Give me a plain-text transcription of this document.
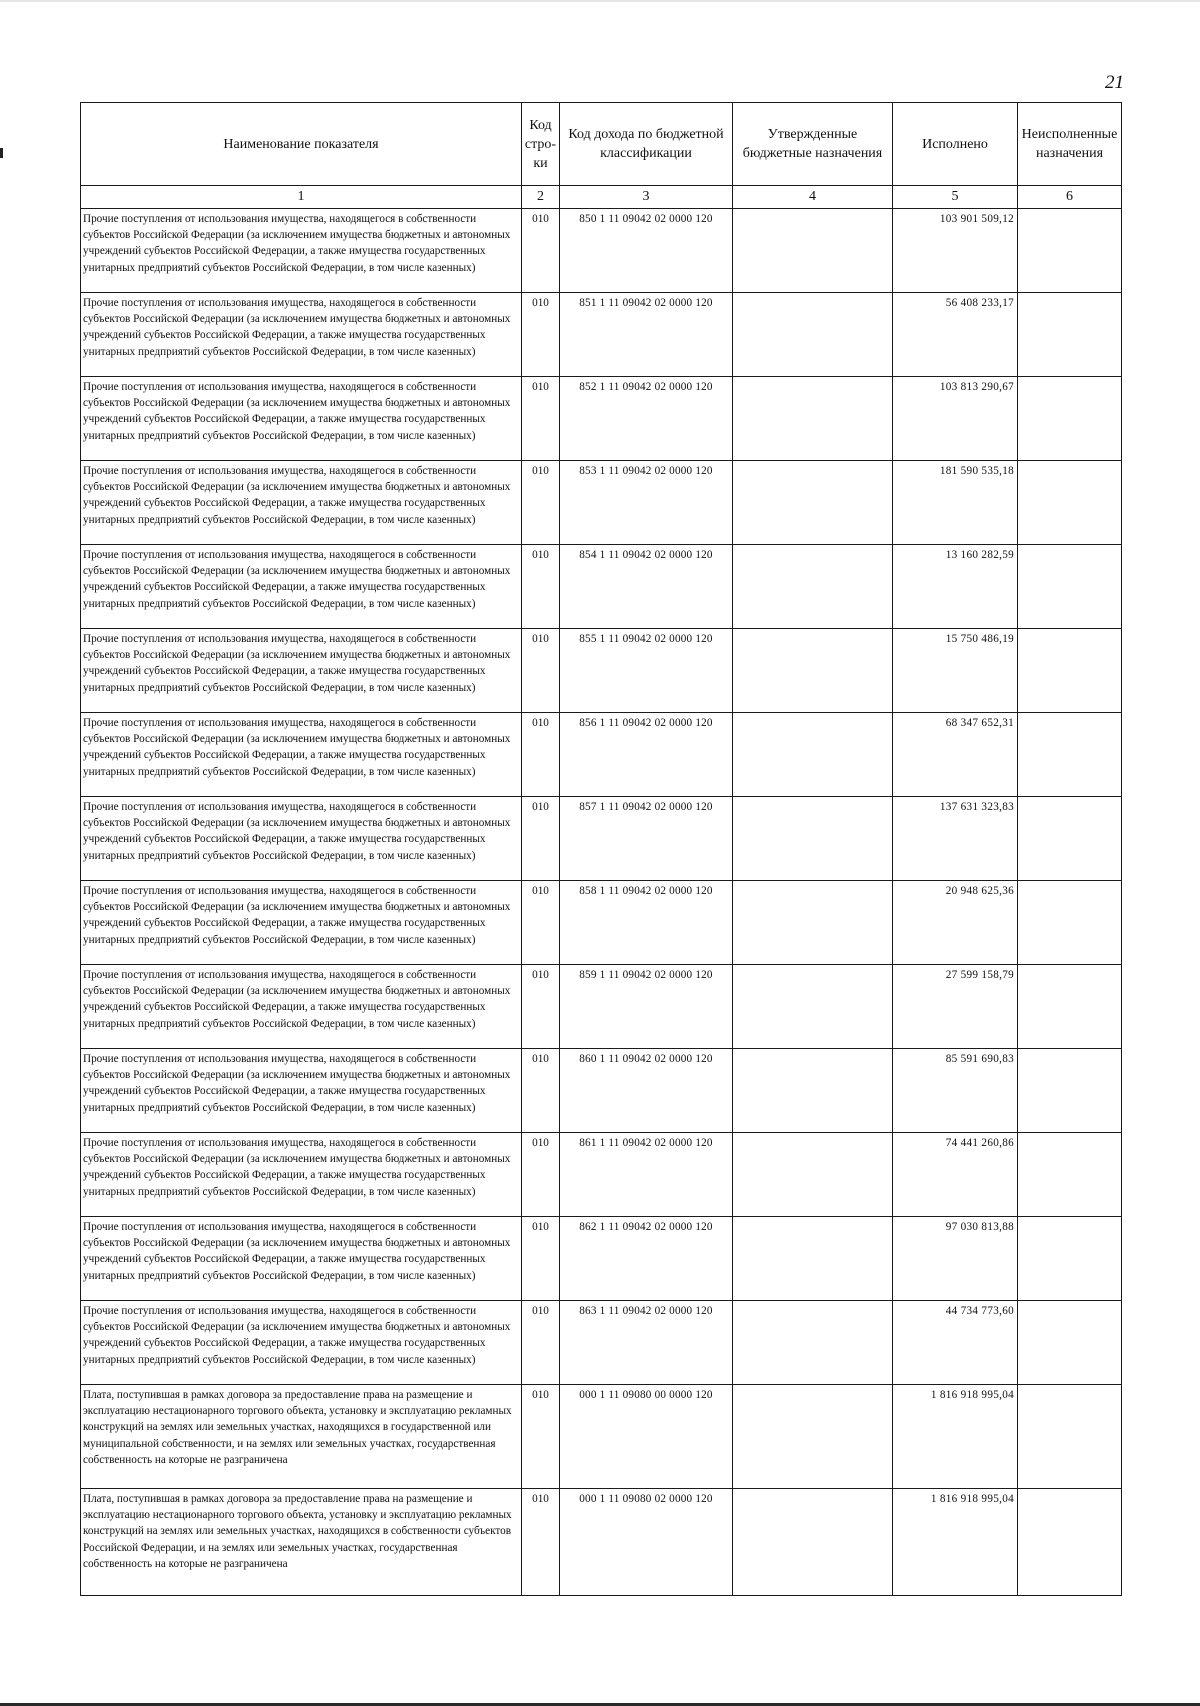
21
Наименование показателя	Код стро-ки	Код дохода по бюджетной классификации	Утвержденные бюджетные назначения	Исполнено	Неисполненные назначения
1	2	3	4	5	6
Прочие поступления от использования имущества, находящегося в собственности субъектов Российской Федерации (за исключением имущества бюджетных и автономных учреждений субъектов Российской Федерации, а также имущества государственных унитарных предприятий субъектов Российской Федерации, в том числе казенных)	010	850 1 11 09042 02 0000 120		103 901 509,12	
Прочие поступления от использования имущества, находящегося в собственности субъектов Российской Федерации (за исключением имущества бюджетных и автономных учреждений субъектов Российской Федерации, а также имущества государственных унитарных предприятий субъектов Российской Федерации, в том числе казенных)	010	851 1 11 09042 02 0000 120		56 408 233,17	
Прочие поступления от использования имущества, находящегося в собственности субъектов Российской Федерации (за исключением имущества бюджетных и автономных учреждений субъектов Российской Федерации, а также имущества государственных унитарных предприятий субъектов Российской Федерации, в том числе казенных)	010	852 1 11 09042 02 0000 120		103 813 290,67	
Прочие поступления от использования имущества, находящегося в собственности субъектов Российской Федерации (за исключением имущества бюджетных и автономных учреждений субъектов Российской Федерации, а также имущества государственных унитарных предприятий субъектов Российской Федерации, в том числе казенных)	010	853 1 11 09042 02 0000 120		181 590 535,18	
Прочие поступления от использования имущества, находящегося в собственности субъектов Российской Федерации (за исключением имущества бюджетных и автономных учреждений субъектов Российской Федерации, а также имущества государственных унитарных предприятий субъектов Российской Федерации, в том числе казенных)	010	854 1 11 09042 02 0000 120		13 160 282,59	
Прочие поступления от использования имущества, находящегося в собственности субъектов Российской Федерации (за исключением имущества бюджетных и автономных учреждений субъектов Российской Федерации, а также имущества государственных унитарных предприятий субъектов Российской Федерации, в том числе казенных)	010	855 1 11 09042 02 0000 120		15 750 486,19	
Прочие поступления от использования имущества, находящегося в собственности субъектов Российской Федерации (за исключением имущества бюджетных и автономных учреждений субъектов Российской Федерации, а также имущества государственных унитарных предприятий субъектов Российской Федерации, в том числе казенных)	010	856 1 11 09042 02 0000 120		68 347 652,31	
Прочие поступления от использования имущества, находящегося в собственности субъектов Российской Федерации (за исключением имущества бюджетных и автономных учреждений субъектов Российской Федерации, а также имущества государственных унитарных предприятий субъектов Российской Федерации, в том числе казенных)	010	857 1 11 09042 02 0000 120		137 631 323,83	
Прочие поступления от использования имущества, находящегося в собственности субъектов Российской Федерации (за исключением имущества бюджетных и автономных учреждений субъектов Российской Федерации, а также имущества государственных унитарных предприятий субъектов Российской Федерации, в том числе казенных)	010	858 1 11 09042 02 0000 120		20 948 625,36	
Прочие поступления от использования имущества, находящегося в собственности субъектов Российской Федерации (за исключением имущества бюджетных и автономных учреждений субъектов Российской Федерации, а также имущества государственных унитарных предприятий субъектов Российской Федерации, в том числе казенных)	010	859 1 11 09042 02 0000 120		27 599 158,79	
Прочие поступления от использования имущества, находящегося в собственности субъектов Российской Федерации (за исключением имущества бюджетных и автономных учреждений субъектов Российской Федерации, а также имущества государственных унитарных предприятий субъектов Российской Федерации, в том числе казенных)	010	860 1 11 09042 02 0000 120		85 591 690,83	
Прочие поступления от использования имущества, находящегося в собственности субъектов Российской Федерации (за исключением имущества бюджетных и автономных учреждений субъектов Российской Федерации, а также имущества государственных унитарных предприятий субъектов Российской Федерации, в том числе казенных)	010	861 1 11 09042 02 0000 120		74 441 260,86	
Прочие поступления от использования имущества, находящегося в собственности субъектов Российской Федерации (за исключением имущества бюджетных и автономных учреждений субъектов Российской Федерации, а также имущества государственных унитарных предприятий субъектов Российской Федерации, в том числе казенных)	010	862 1 11 09042 02 0000 120		97 030 813,88	
Прочие поступления от использования имущества, находящегося в собственности субъектов Российской Федерации (за исключением имущества бюджетных и автономных учреждений субъектов Российской Федерации, а также имущества государственных унитарных предприятий субъектов Российской Федерации, в том числе казенных)	010	863 1 11 09042 02 0000 120		44 734 773,60	
Плата, поступившая в рамках договора за предоставление права на размещение и эксплуатацию нестационарного торгового объекта, установку и эксплуатацию рекламных конструкций на землях или земельных участках, находящихся в государственной или муниципальной собственности, и на землях или земельных участках, государственная собственность на которые не разграничена	010	000 1 11 09080 00 0000 120		1 816 918 995,04	
Плата, поступившая в рамках договора за предоставление права на размещение и эксплуатацию нестационарного торгового объекта, установку и эксплуатацию рекламных конструкций на землях или земельных участках, находящихся в собственности субъектов Российской Федерации, и на землях или земельных участках, государственная собственность на которые не разграничена	010	000 1 11 09080 02 0000 120		1 816 918 995,04	
